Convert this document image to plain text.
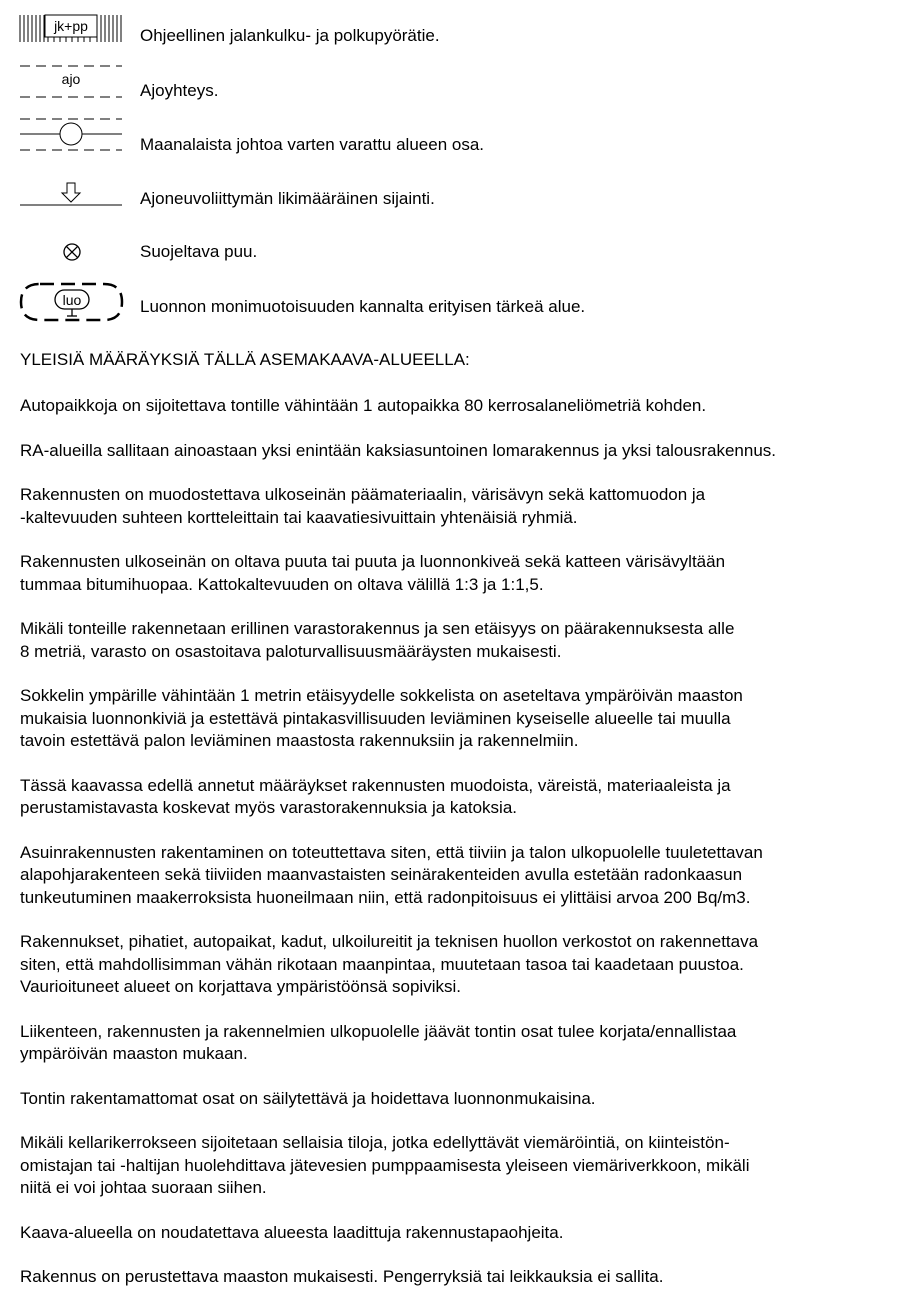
jk+pp	Ohjeellinen jalankulku- ja polkupyörätie.
ajo
Ajoyhteys.
Maanalaista johtoa varten varattu alueen osa.
Ajoneuvoliittymän likimääräinen sijainti.
Suojeltava puu.
luo	Luonnon monimuotoisuuden kannalta erityisen tärkeä alue.
YLEISIÄ MÄÄRÄYKSIÄ TÄLLÄ ASEMAKAAVA-ALUEELLA:
Autopaikkoja on sijoitettava tontille vähintään 1 autopaikka 80 kerrosalaneliömetriä kohden.
RA-alueilla sallitaan ainoastaan yksi enintään kaksiasuntoinen lomarakennus ja yksi talousrakennus.
Rakennusten on muodostettava ulkoseinän päämateriaalin, värisävyn sekä kattomuodon ja
-kaltevuuden suhteen kortteleittain tai kaavatiesivuittain yhtenäisiä ryhmiä.
Rakennusten ulkoseinän on oltava puuta tai puuta ja luonnonkiveä sekä katteen värisävyltään
tummaa bitumihuopaa. Kattokaltevuuden on oltava välillä 1:3 ja 1:1,5.
Mikäli tonteille rakennetaan erillinen varastorakennus ja sen etäisyys on päärakennuksesta alle
8 metriä, varasto on osastoitava paloturvallisuusmääräysten mukaisesti.
Sokkelin ympärille vähintään 1 metrin etäisyydelle sokkelista on aseteltava ympäröivän maaston
mukaisia luonnonkiviä ja estettävä pintakasvillisuuden leviäminen kyseiselle alueelle tai muulla
tavoin estettävä palon leviäminen maastosta rakennuksiin ja rakennelmiin.
Tässä kaavassa edellä annetut määräykset rakennusten muodoista, väreistä, materiaaleista ja
perustamistavasta koskevat myös varastorakennuksia ja katoksia.
Asuinrakennusten rakentaminen on toteuttettava siten, että tiiviin ja talon ulkopuolelle tuuletettavan
alapohjarakenteen sekä tiiviiden maanvastaisten seinärakenteiden avulla estetään radonkaasun
tunkeutuminen maakerroksista huoneilmaan niin, että radonpitoisuus ei ylittäisi arvoa 200 Bq/m3.
Rakennukset, pihatiet, autopaikat, kadut, ulkoilureitit ja teknisen huollon verkostot on rakennettava
siten, että mahdollisimman vähän rikotaan maanpintaa, muutetaan tasoa tai kaadetaan puustoa.
Vaurioituneet alueet on korjattava ympäristöönsä sopiviksi.
Liikenteen, rakennusten ja rakennelmien ulkopuolelle jäävät tontin osat tulee korjata/ennallistaa
ympäröivän maaston mukaan.
Tontin rakentamattomat osat on säilytettävä ja hoidettava luonnonmukaisina.
Mikäli kellarikerrokseen sijoitetaan sellaisia tiloja, jotka edellyttävät viemäröintiä, on kiinteistön-
omistajan tai -haltijan huolehdittava jätevesien pumppaamisesta yleiseen viemäriverkkoon, mikäli
niitä ei voi johtaa suoraan siihen.
Kaava-alueella on noudatettava alueesta laadittuja rakennustapaohjeita.
Rakennus on perustettava maaston mukaisesti. Pengerryksiä tai leikkauksia ei sallita.
